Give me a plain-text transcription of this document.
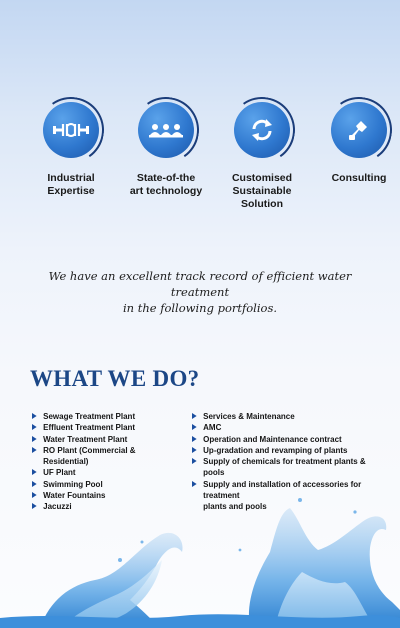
Industrial
Expertise
State-of-the
art technology
Customised
Sustainable
Solution
Consulting
We have an excellent track record of efficient water treatment
in the following portfolios.
WHAT WE DO?
Sewage Treatment Plant
Effluent Treatment Plant
Water Treatment Plant
RO Plant (Commercial & Residential)
UF Plant
Swimming Pool
Water Fountains
Jacuzzi
Services & Maintenance
AMC
Operation and Maintenance contract
Up-gradation and revamping of plants
Supply of chemicals for treatment plants & pools
Supply and installation of accessories for treatment
plants and pools
